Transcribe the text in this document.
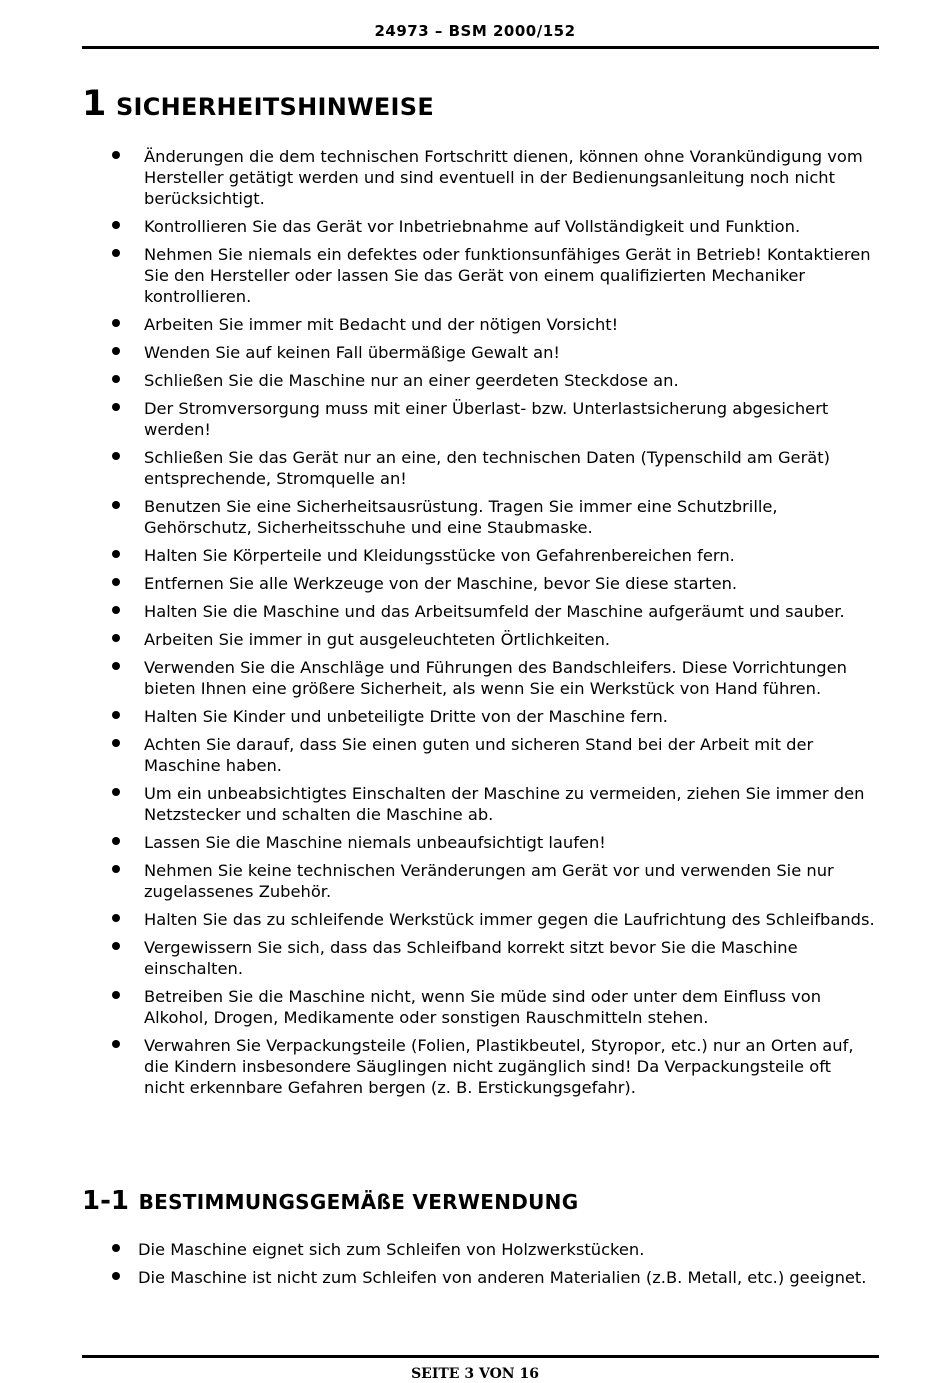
24973 – BSM 2000/152
1 SICHERHEITSHINWEISE
Änderungen die dem technischen Fortschritt dienen, können ohne Vorankündigung vom Hersteller getätigt werden und sind eventuell in der Bedienungsanleitung noch nicht berücksichtigt.
Kontrollieren Sie das Gerät vor Inbetriebnahme auf Vollständigkeit und Funktion.
Nehmen Sie niemals ein defektes oder funktionsunfähiges Gerät in Betrieb! Kontaktieren Sie den Hersteller oder lassen Sie das Gerät von einem qualifizierten Mechaniker kontrollieren.
Arbeiten Sie immer mit Bedacht und der nötigen Vorsicht!
Wenden Sie auf keinen Fall übermäßige Gewalt an!
Schließen Sie die Maschine nur an einer geerdeten Steckdose an.
Der Stromversorgung muss mit einer Überlast- bzw. Unterlastsicherung abgesichert werden!
Schließen Sie das Gerät nur an eine, den technischen Daten (Typenschild am Gerät) entsprechende, Stromquelle an!
Benutzen Sie eine Sicherheitsausrüstung. Tragen Sie immer eine Schutzbrille, Gehörschutz, Sicherheitsschuhe und eine Staubmaske.
Halten Sie Körperteile und Kleidungsstücke von Gefahrenbereichen fern.
Entfernen Sie alle Werkzeuge von der Maschine, bevor Sie diese starten.
Halten Sie die Maschine und das Arbeitsumfeld der Maschine aufgeräumt und sauber.
Arbeiten Sie immer in gut ausgeleuchteten Örtlichkeiten.
Verwenden Sie die Anschläge und Führungen des Bandschleifers. Diese Vorrichtungen bieten Ihnen eine größere Sicherheit, als wenn Sie ein Werkstück von Hand führen.
Halten Sie Kinder und unbeteiligte Dritte von der Maschine fern.
Achten Sie darauf, dass Sie einen guten und sicheren Stand bei der Arbeit mit der Maschine haben.
Um ein unbeabsichtigtes Einschalten der Maschine zu vermeiden, ziehen Sie immer den Netzstecker und schalten die Maschine ab.
Lassen Sie die Maschine niemals unbeaufsichtigt laufen!
Nehmen Sie keine technischen Veränderungen am Gerät vor und verwenden Sie nur zugelassenes Zubehör.
Halten Sie das zu schleifende Werkstück immer gegen die Laufrichtung des Schleifbands.
Vergewissern Sie sich, dass das Schleifband korrekt sitzt bevor Sie die Maschine einschalten.
Betreiben Sie die Maschine nicht, wenn Sie müde sind oder unter dem Einfluss von Alkohol, Drogen, Medikamente oder sonstigen Rauschmitteln stehen.
Verwahren Sie Verpackungsteile (Folien, Plastikbeutel, Styropor, etc.) nur an Orten auf, die Kindern insbesondere Säuglingen nicht zugänglich sind! Da Verpackungsteile oft nicht erkennbare Gefahren bergen (z. B. Erstickungsgefahr).
1-1 BESTIMMUNGSGEMÄßE VERWENDUNG
Die Maschine eignet sich zum Schleifen von Holzwerkstücken.
Die Maschine ist nicht zum Schleifen von anderen Materialien (z.B. Metall, etc.) geeignet.
SEITE 3 VON 16
